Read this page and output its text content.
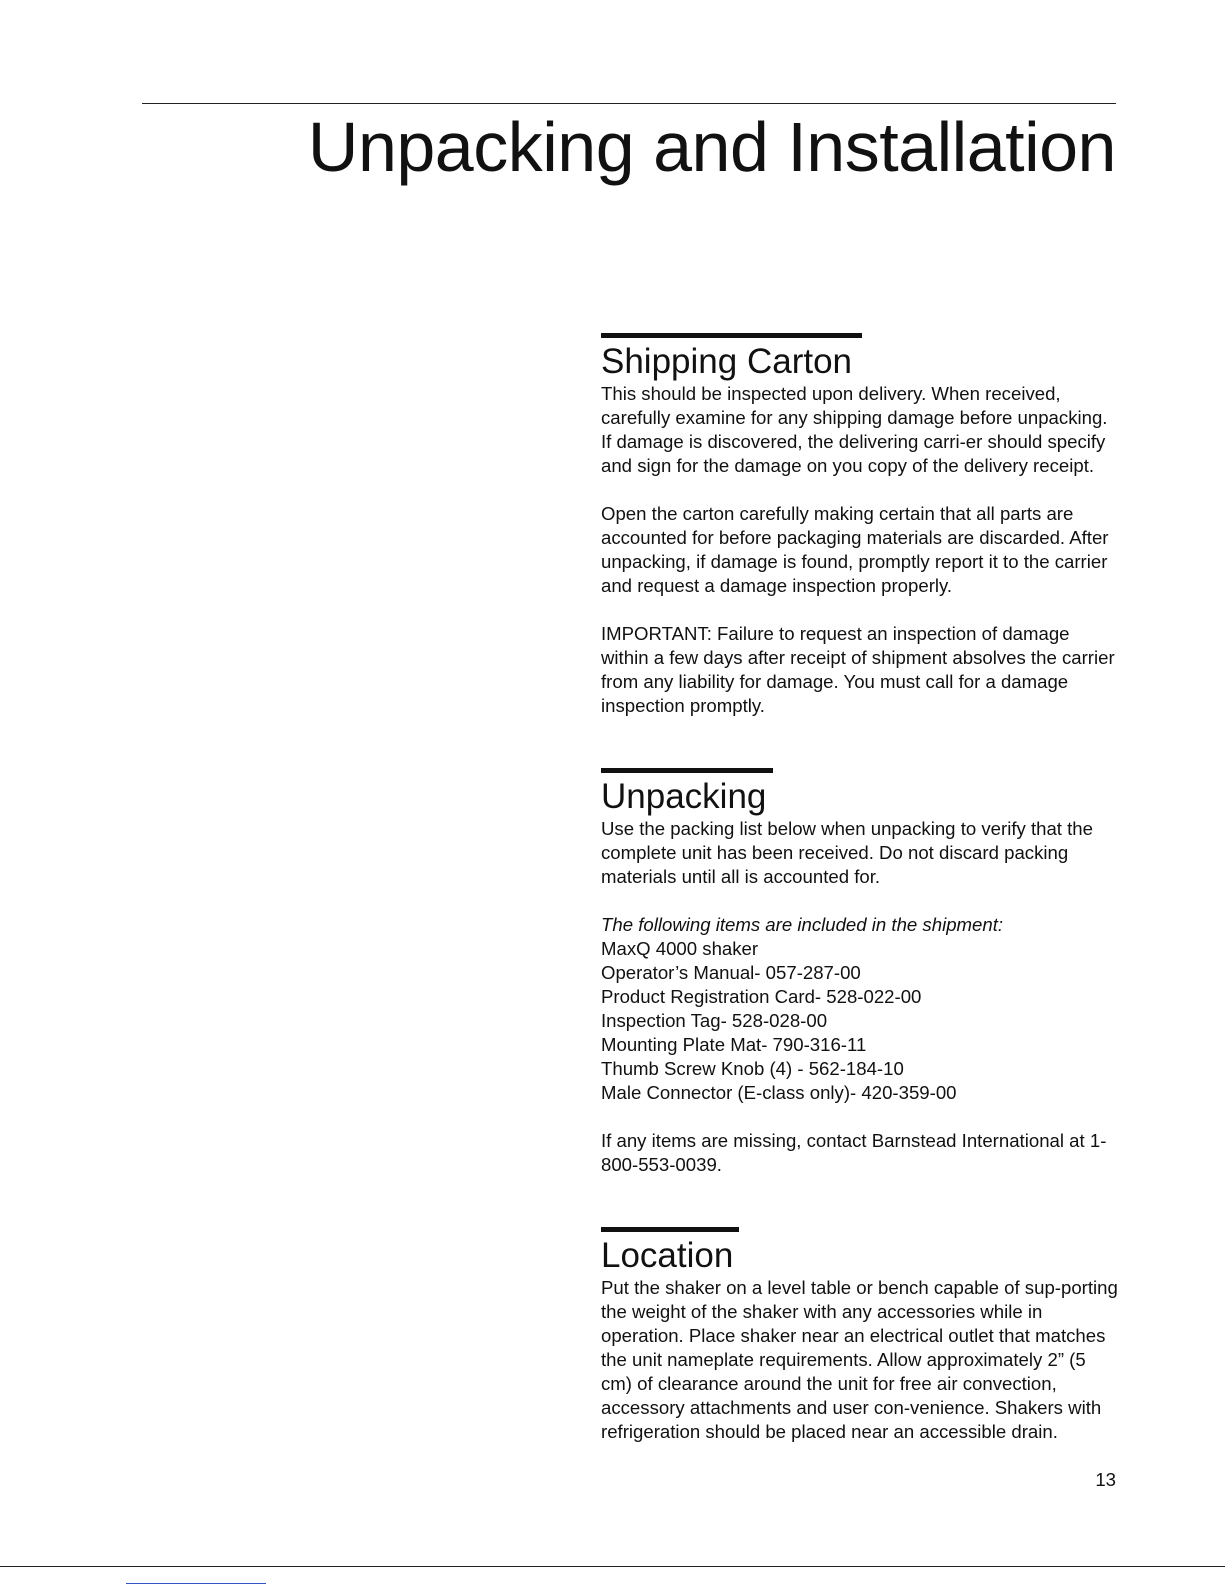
Unpacking and Installation
Shipping Carton

This should be inspected upon delivery. When received, carefully examine for any shipping damage before unpacking. If damage is discovered, the delivering carri-er should specify and sign for the damage on you copy of the delivery receipt.

Open the carton carefully making certain that all parts are accounted for before packaging materials are discarded. After unpacking, if damage is found, promptly report it to the carrier and request a damage inspection properly.

IMPORTANT: Failure to request an inspection of damage within a few days after receipt of shipment absolves the carrier from any liability for damage. You must call for a damage inspection promptly.

Unpacking

Use the packing list below when unpacking to verify that the complete unit has been received. Do not discard packing materials until all is accounted for.

The following items are included in the shipment:

MaxQ 4000 shaker
Operator’s Manual- 057-287-00
Product Registration Card- 528-022-00
Inspection Tag- 528-028-00
Mounting Plate Mat- 790-316-11
Thumb Screw Knob (4) - 562-184-10
Male Connector (E-class only)- 420-359-00

If any items are missing, contact Barnstead International at 1-800-553-0039.

Location

Put the shaker on a level table or bench capable of sup-porting the weight of the shaker with any accessories while in operation. Place shaker near an electrical outlet that matches the unit nameplate requirements. Allow approximately 2” (5 cm) of clearance around the unit for free air convection, accessory attachments and user con-venience. Shakers with refrigeration should be placed near an accessible drain.

13
